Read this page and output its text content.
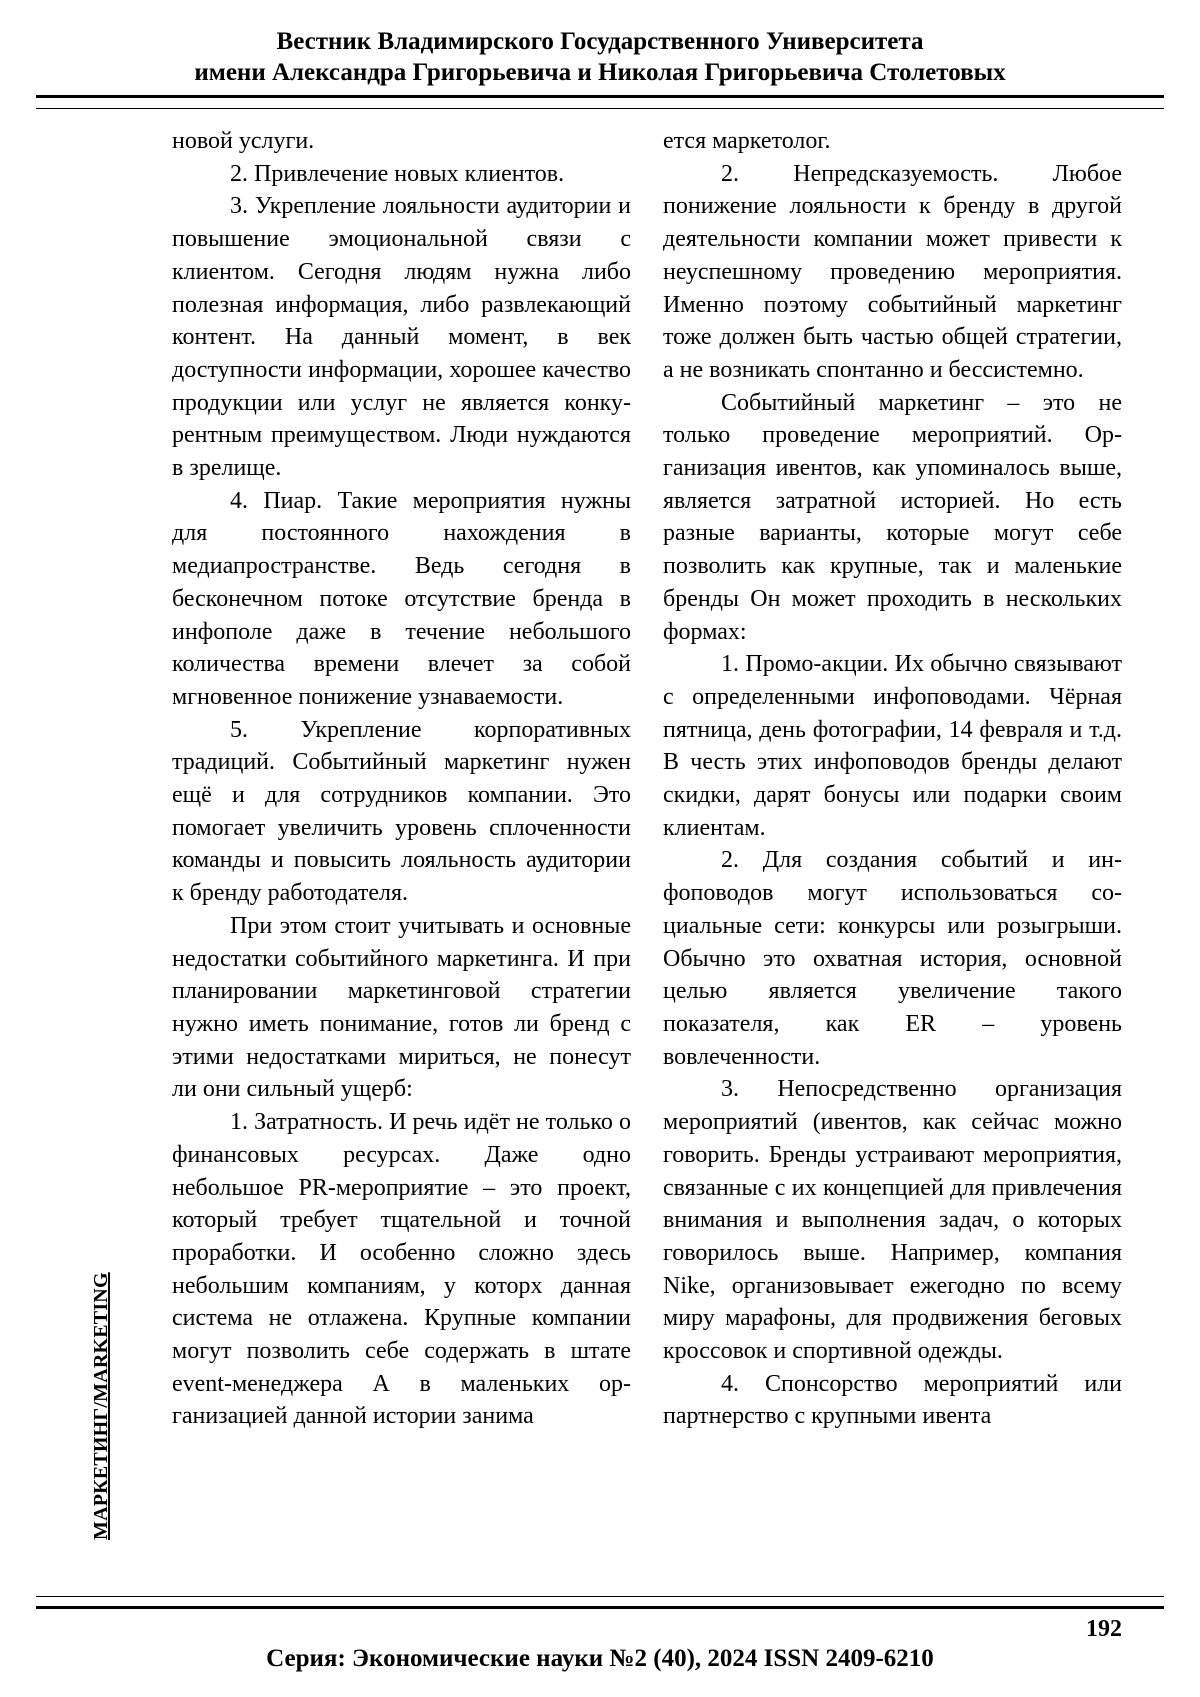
Вестник Владимирского Государственного Университета
имени Александра Григорьевича и Николая Григорьевича Столетовых

новой услуги.

2. Привлечение новых клиентов.

3. Укрепление лояльности аудитории и повышение эмоциональной связи с клиентом. Сегодня людям нужна либо полезная информация, либо развлекающий контент. На данный момент, в век доступности информации, хорошее качество продукции или услуг не является конкурентным преимуществом. Люди нуждаются в зрелище.

4. Пиар. Такие мероприятия нужны для постоянного нахождения в медиапространстве. Ведь сегодня в бесконечном потоке отсутствие бренда в инфополе даже в течение небольшого количества времени влечет за собой мгновенное понижение узнаваемости.

5. Укрепление корпоративных традиций. Событийный маркетинг нужен ещё и для сотрудников компании. Это помогает увеличить уровень сплоченности команды и повысить лояльность аудитории к бренду работодателя.

При этом стоит учитывать и основные недостатки событийного маркетинга. И при планировании маркетинговой стратегии нужно иметь понимание, готов ли бренд с этими недостатками мириться, не понесут ли они сильный ущерб:

1. Затратность. И речь идёт не только о финансовых ресурсах. Даже одно небольшое PR-мероприятие – это проект, который требует тщательной и точной проработки. И особенно сложно здесь небольшим компаниям, у которх данная система не отлажена. Крупные компании могут позволить себе содержать в штате event-менеджера А в маленьких организацией данной истории занима

ется маркетолог.

2. Непредсказуемость. Любое понижение лояльности к бренду в другой деятельности компании может привести к неуспешному проведению мероприятия. Именно поэтому событийный маркетинг тоже должен быть частью общей стратегии, а не возникать спонтанно и бессистемно.

Событийный маркетинг – это не только проведение мероприятий. Организация ивентов, как упоминалось выше, является затратной историей. Но есть разные варианты, которые могут себе позволить как крупные, так и маленькие бренды Он может проходить в нескольких формах:

1. Промо-акции. Их обычно связывают с определенными инфоповодами. Чёрная пятница, день фотографии, 14 февраля и т.д. В честь этих инфоповодов бренды делают скидки, дарят бонусы или подарки своим клиентам.

2. Для создания событий и инфоповодов могут использоваться социальные сети: конкурсы или розыгрыши. Обычно это охватная история, основной целью является увеличение такого показателя, как ER – уровень вовлеченности.

3. Непосредственно организация мероприятий (ивентов, как сейчас можно говорить. Бренды устраивают мероприятия, связанные с их концепцией для привлечения внимания и выполнения задач, о которых говорилось выше. Например, компания Nike, организовывает ежегодно по всему миру марафоны, для продвижения беговых кроссовок и спортивной одежды.

4. Спонсорство мероприятий или партнерство с крупными ивента

МАРКЕТИНГ/MARKETING
192
Серия: Экономические науки №2 (40), 2024 ISSN 2409-6210
